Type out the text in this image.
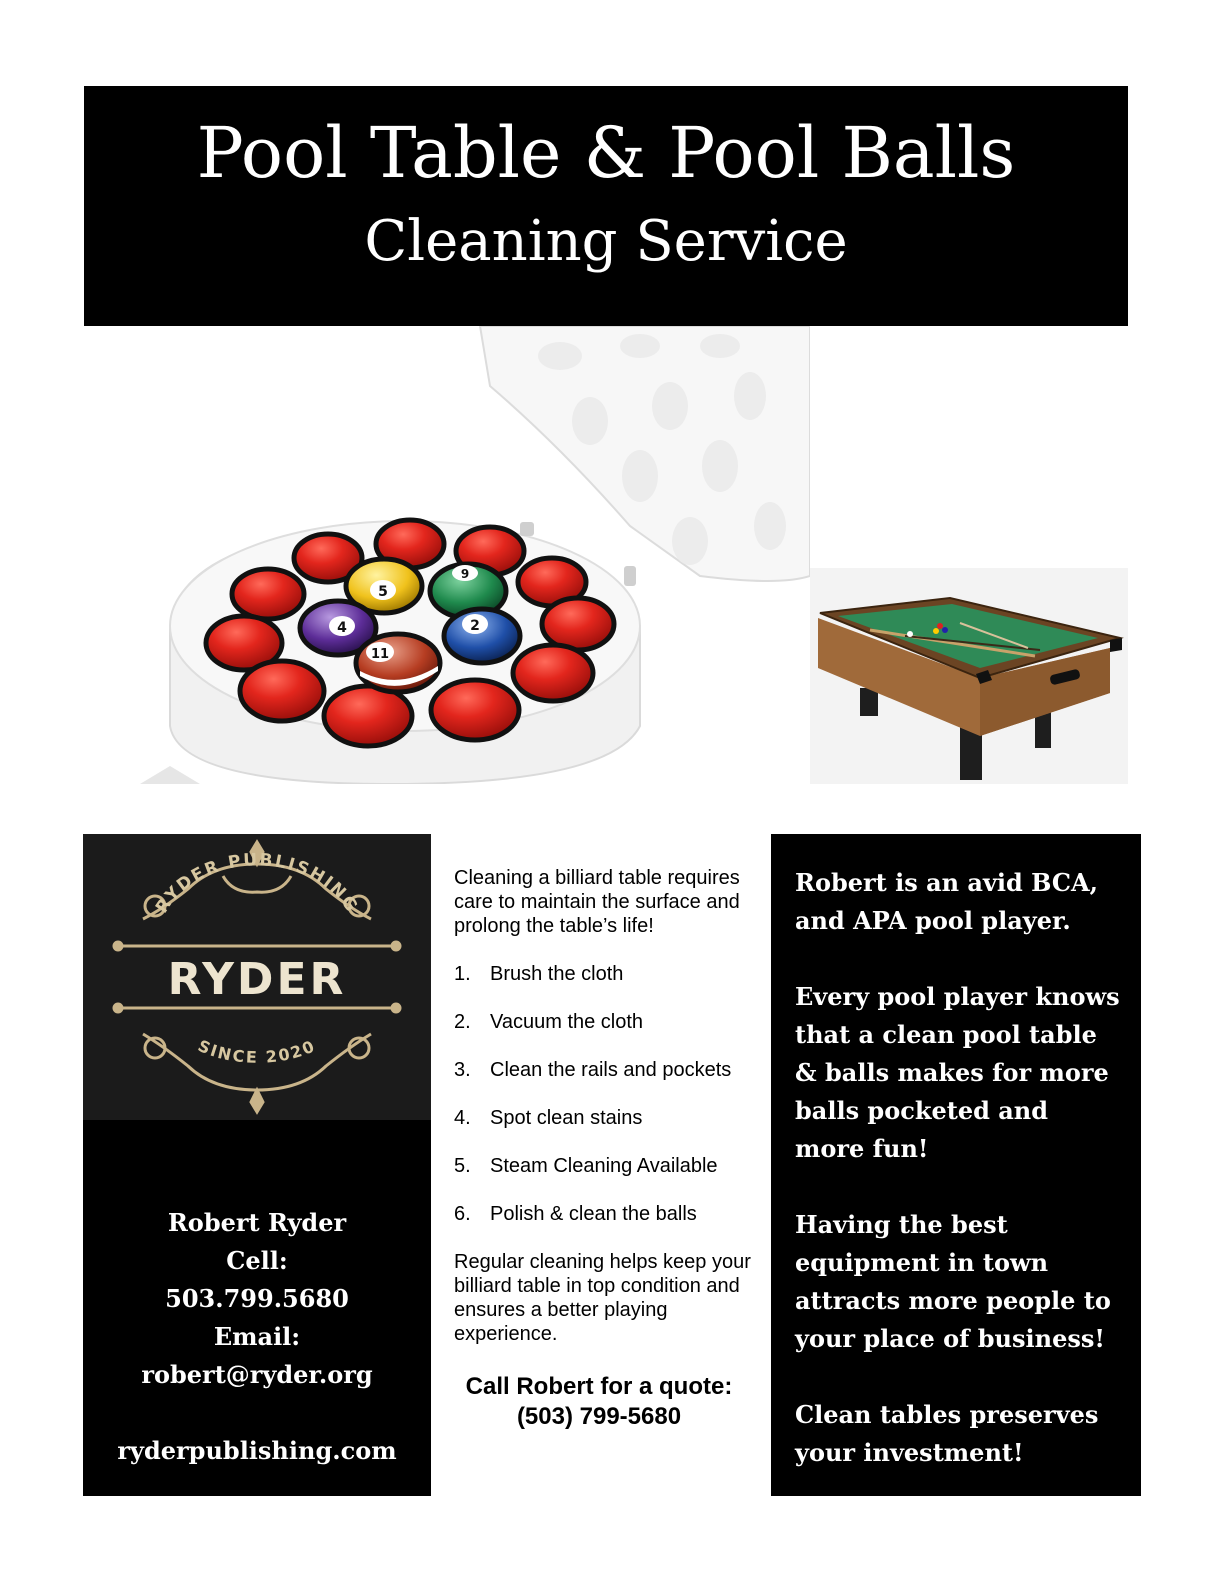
Pool Table & Pool Balls
Cleaning Service
5
9
4	2
11
RYDER PUBLISHING
RYDER
SINCE 2020
Robert Ryder
Cell:
503.799.5680
Email:
robert@ryder.org
ryderpublishing.com

Cleaning a billiard table requires care to maintain the surface and prolong the table’s life!

1. Brush the cloth
2. Vacuum the cloth
3. Clean the rails and pockets
4. Spot clean stains
5. Steam Cleaning Available
6. Polish & clean the balls

Regular cleaning helps keep your billiard table in top condition and ensures a better playing experience.

Call Robert for a quote:
(503) 799-5680

Robert is an avid BCA, and APA pool player.

Every pool player knows that a clean pool table & balls makes for more balls pocketed and more fun!

Having the best equipment in town attracts more people to your place of business!

Clean tables preserves your investment!
